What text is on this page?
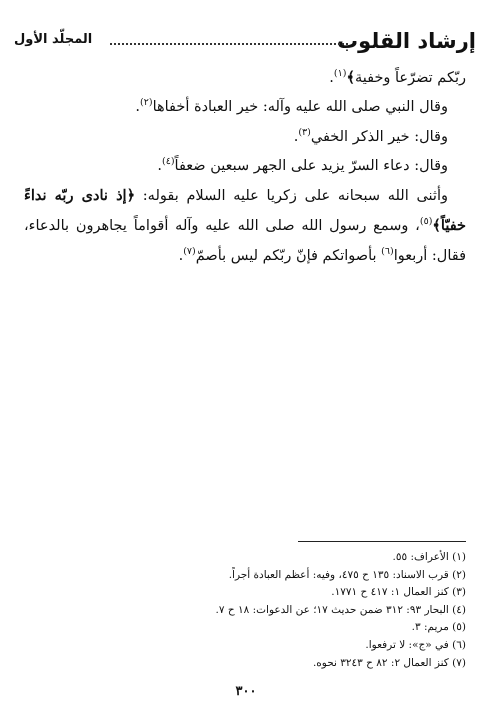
إرشاد القلوب
المجلّد الأول

ربّكم تضرّعاً وخفية﴾$^{(١)}$.

وقال النبي صلى الله عليه وآله: خير العبادة أخفاها$^{(٢)}$.

وقال: خير الذكر الخفي$^{(٣)}$.

وقال: دعاء السرّ يزيد على الجهر سبعين ضعفاً$^{(٤)}$.

وأثنى الله سبحانه على زكريا عليه السلام بقوله: ﴿إذ نادى ربّه نداءً خفيّاً﴾$^{(٥)}$، وسمع رسول الله صلى الله عليه وآله أقواماً يجاهرون بالدعاء، فقال: أربعوا$^{(٦)}$ بأصواتكم فإنّ ربّكم ليس بأصمّ$^{(٧)}$.

(١) الأعراف: ٥٥.
(٢) قرب الاسناد: ١٣٥ ح ٤٧٥، وفيه: أعظم العبادة أجراً.
(٣) كنز العمال ١: ٤١٧ ح ١٧٧١.
(٤) البحار ٩٣: ٣١٢ ضمن حديث ١٧؛ عن الدعوات: ١٨ ح ٧.
(٥) مريم: ٣.
(٦) في «ج»: لا ترفعوا.
(٧) كنز العمال ٢: ٨٢ ح ٣٢٤٣ نحوه.
٣٠٠
